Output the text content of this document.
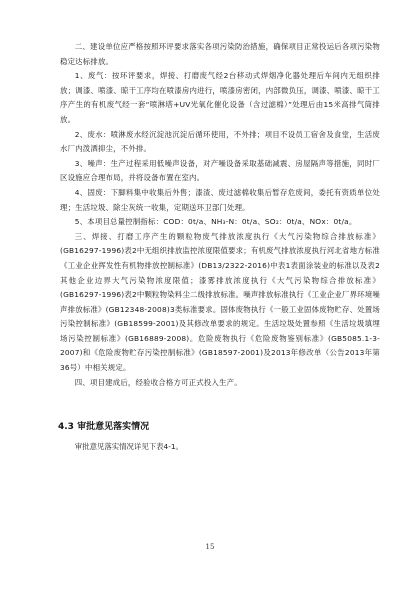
二、建设单位应严格按照环评要求落实各项污染防治措施，确保项目正常投运后各项污染物稳定达标排放。

1、废气：按环评要求，焊接、打磨废气经2台移动式焊烟净化器处理后车间内无组织排放；调漆、喷漆、晾干工序均在喷漆房内进行，喷漆房密闭，内部微负压，调漆、喷漆、晾干工序产生的有机废气经一套“喷淋塔+UV光氧化催化设备（含过滤棉）”处理后由15米高排气筒排放。

2、废水：喷淋废水经沉淀池沉淀后循环使用，不外排；项目不设员工宿舍及食堂，生活废水厂内泼洒抑尘，不外排。

3、噪声：生产过程采用低噪声设备，对产噪设备采取基础减震、房屋隔声等措施，同时厂区设施应合理布局，并将设备布置在室内。

4、固废：下脚料集中收集后外售；漆渣、废过滤棉收集后暂存危废间，委托有资质单位处理；生活垃圾、除尘灰统一收集，定期送环卫部门处理。

5、本项目总量控制指标：COD：0t/a、NH₃-N：0t/a、SO₂：0t/a、NOx：0t/a。

三、焊接、打磨工序产生的颗粒物废气排放浓度执行《大气污染物综合排放标准》(GB16297-1996)表2中无组织排放监控浓度限值要求；有机废气排放浓度执行河北省地方标准《工业企业挥发性有机物排放控制标准》(DB13/2322-2016)中表1表面涂装业的标准以及表2其他企业边界大气污染物浓度限值；漆雾排放浓度执行《大气污染物综合排放标准》(GB16297-1996)表2中颗粒物染料尘二级排放标准。噪声排放标准执行《工业企业厂界环境噪声排放标准》(GB12348-2008)3类标准要求。固体废物执行《一般工业固体废物贮存、处置场污染控制标准》(GB18599-2001)及其修改单要求的规定。生活垃圾处置参照《生活垃圾填埋场污染控制标准》(GB16889-2008)。危险废物执行《危险废物鉴别标准》(GB5085.1-3-2007)和《危险废物贮存污染控制标准》(GB18597-2001)及2013年修改单（公告2013年第36号）中相关规定。

四、项目建成后，经验收合格方可正式投入生产。

4.3 审批意见落实情况
审批意见落实情况详见下表4-1。
15
